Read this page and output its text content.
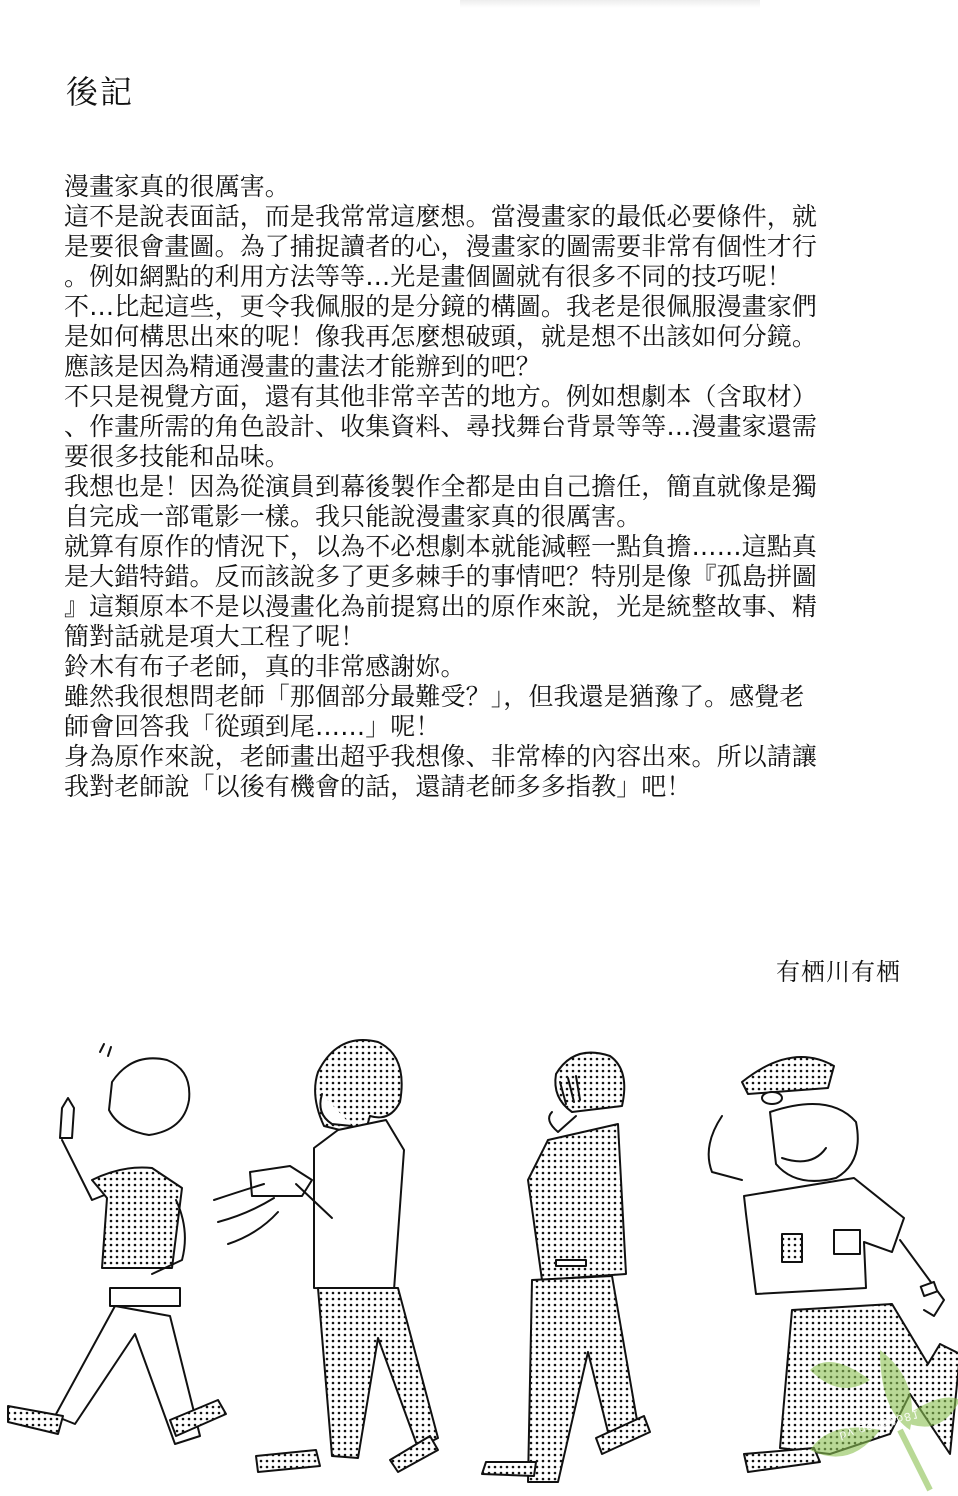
後記
漫畫家真的很厲害。
這不是說表面話，而是我常常這麼想。當漫畫家的最低必要條件，就
是要很會畫圖。為了捕捉讀者的心，漫畫家的圖需要非常有個性才行
。例如網點的利用方法等等…光是畫個圖就有很多不同的技巧呢！
不…比起這些，更令我佩服的是分鏡的構圖。我老是很佩服漫畫家們
是如何構思出來的呢！像我再怎麼想破頭，就是想不出該如何分鏡。
應該是因為精通漫畫的畫法才能辦到的吧？
不只是視覺方面，還有其他非常辛苦的地方。例如想劇本（含取材）
、作畫所需的角色設計、收集資料、尋找舞台背景等等…漫畫家還需
要很多技能和品味。
我想也是！因為從演員到幕後製作全都是由自己擔任，簡直就像是獨
自完成一部電影一樣。我只能說漫畫家真的很厲害。
就算有原作的情況下，以為不必想劇本就能減輕一點負擔……這點真
是大錯特錯。反而該說多了更多棘手的事情吧？特別是像『孤島拼圖
』這類原本不是以漫畫化為前提寫出的原作來說，光是統整故事、精
簡對話就是項大工程了呢！
鈴木有布子老師，真的非常感謝妳。
雖然我很想問老師「那個部分最難受？」，但我還是猶豫了。感覺老
師會回答我「從頭到尾……」呢！
身為原作來說，老師畫出超乎我想像、非常棒的內容出來。所以請讓
我對老師說「以後有機會的話，還請老師多多指教」吧！
有栖川有栖
by gogo2o81
